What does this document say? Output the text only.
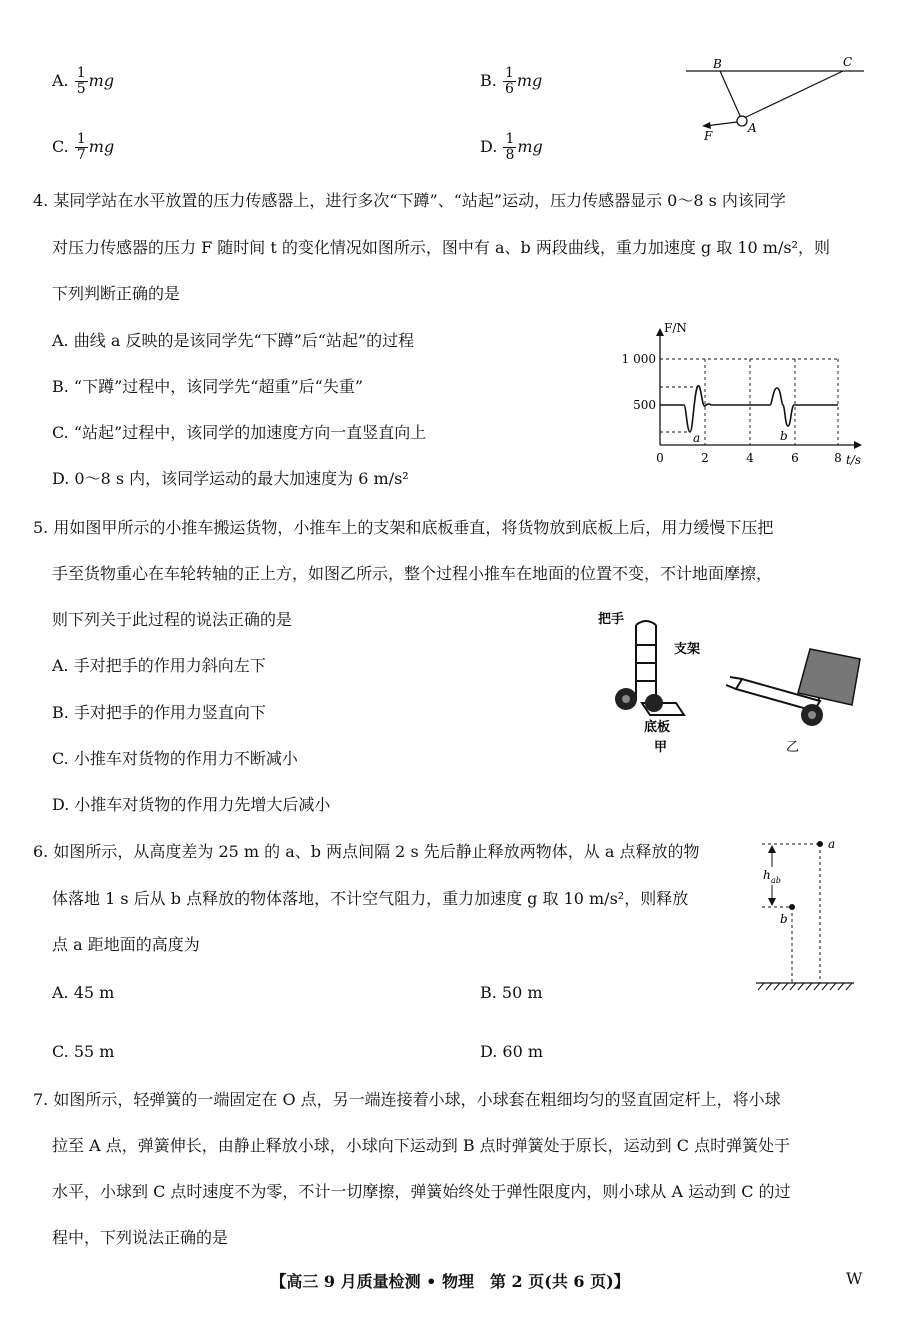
A. $\frac{1}{5}$ mg	B. $\frac{1}{6}$ mg
C. $\frac{1}{7}$ mg	D. $\frac{1}{8}$ mg
B	C
A
F
4. 某同学站在水平放置的压力传感器上，进行多次“下蹲”、“站起”运动，压力传感器显示 0～8 s 内该同学
对压力传感器的压力 F 随时间 t 的变化情况如图所示，图中有 a、b 两段曲线，重力加速度 g 取 10 m/s²，则
下列判断正确的是
A. 曲线 a 反映的是该同学先“下蹲”后“站起”的过程
B. “下蹲”过程中，该同学先“超重”后“失重”
C. “站起”过程中，该同学的加速度方向一直竖直向上
D. 0～8 s 内，该同学运动的最大加速度为 6 m/s²
F/N
t/s
1 000
500
0	2	4	6	8
a	b
5. 用如图甲所示的小推车搬运货物，小推车上的支架和底板垂直，将货物放到底板上后，用力缓慢下压把
手至货物重心在车轮转轴的正上方，如图乙所示，整个过程小推车在地面的位置不变，不计地面摩擦，
则下列关于此过程的说法正确的是
A. 手对把手的作用力斜向左下
B. 手对把手的作用力竖直向下
C. 小推车对货物的作用力不断减小
D. 小推车对货物的作用力先增大后减小
把手
支架
底板
甲	乙
6. 如图所示，从高度差为 25 m 的 a、b 两点间隔 2 s 先后静止释放两物体，从 a 点释放的物
体落地 1 s 后从 b 点释放的物体落地，不计空气阻力，重力加速度 g 取 10 m/s²，则释放
点 a 距地面的高度为
A. 45 m	B. 50 m
C. 55 m	D. 60 m
h ab
a
b
7. 如图所示，轻弹簧的一端固定在 O 点，另一端连接着小球，小球套在粗细均匀的竖直固定杆上，将小球
拉至 A 点，弹簧伸长，由静止释放小球，小球向下运动到 B 点时弹簧处于原长，运动到 C 点时弹簧处于
水平，小球到 C 点时速度不为零，不计一切摩擦，弹簧始终处于弹性限度内，则小球从 A 运动到 C 的过
程中，下列说法正确的是
【高三 9 月质量检测 • 物理　第 2 页(共 6 页)】	W
